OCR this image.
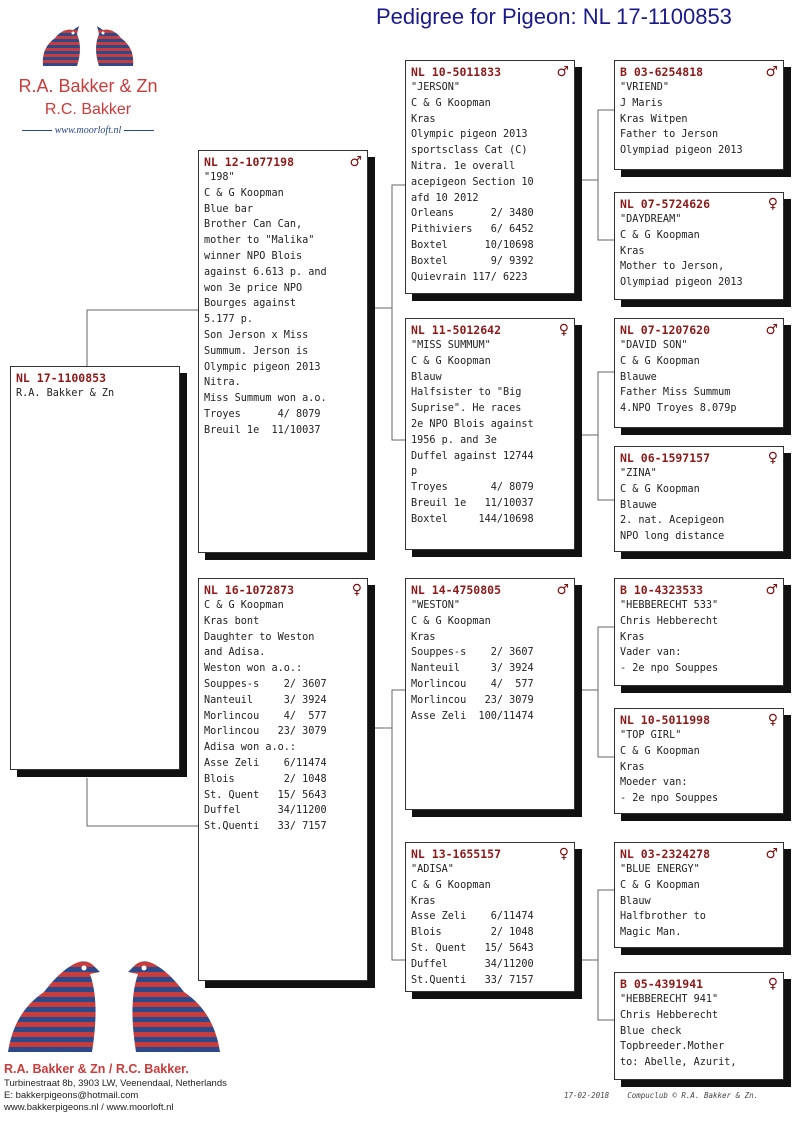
Pedigree for Pigeon: NL 17-1100853
R.A. Bakker & Zn
R.C. Bakker
www.moorloft.nl
NL 17-1100853
R.A. Bakker & Zn
NL 12-1077198	♂
"198"
C & G Koopman
Blue bar
Brother Can Can,
mother to "Malika"
winner NPO Blois
against 6.613 p. and
won 3e price NPO
Bourges against
5.177 p.
Son Jerson x Miss
Summum. Jerson is
Olympic pigeon 2013
Nitra.
Miss Summum won a.o.
Troyes      4/ 8079
Breuil 1e  11/10037
NL 16-1072873	♀
C & G Koopman
Kras bont
Daughter to Weston
and Adisa.
Weston won a.o.:
Souppes-s    2/ 3607
Nanteuil     3/ 3924
Morlincou    4/  577
Morlincou   23/ 3079
Adisa won a.o.:
Asse Zeli    6/11474
Blois        2/ 1048
St. Quent   15/ 5643
Duffel      34/11200
St.Quenti   33/ 7157
NL 10-5011833	♂
"JERSON"
C & G Koopman
Kras
Olympic pigeon 2013
sportsclass Cat (C)
Nitra. 1e overall
acepigeon Section 10
afd 10 2012
Orleans      2/ 3480
Pithiviers   6/ 6452
Boxtel      10/10698
Boxtel       9/ 9392
Quievrain 117/ 6223
NL 11-5012642	♀
"MISS SUMMUM"
C & G Koopman
Blauw
Halfsister to "Big
Suprise". He races
2e NPO Blois against
1956 p. and 3e
Duffel against 12744
p
Troyes       4/ 8079
Breuil 1e   11/10037
Boxtel     144/10698
NL 14-4750805	♂
"WESTON"
C & G Koopman
Kras
Souppes-s    2/ 3607
Nanteuil     3/ 3924
Morlincou    4/  577
Morlincou   23/ 3079
Asse Zeli  100/11474
NL 13-1655157	♀
"ADISA"
C & G Koopman
Kras
Asse Zeli    6/11474
Blois        2/ 1048
St. Quent   15/ 5643
Duffel      34/11200
St.Quenti   33/ 7157
B 03-6254818	♂
"VRIEND"
J Maris
Kras Witpen
Father to Jerson
Olympiad pigeon 2013
NL 07-5724626	♀
"DAYDREAM"
C & G Koopman
Kras
Mother to Jerson,
Olympiad pigeon 2013
NL 07-1207620	♂
"DAVID SON"
C & G Koopman
Blauwe
Father Miss Summum
4.NPO Troyes 8.079p
NL 06-1597157	♀
"ZINA"
C & G Koopman
Blauwe
2. nat. Acepigeon
NPO long distance
B 10-4323533	♂
"HEBBERECHT 533"
Chris Hebberecht
Kras
Vader van:
- 2e npo Souppes
NL 10-5011998	♀
"TOP GIRL"
C & G Koopman
Kras
Moeder van:
- 2e npo Souppes
NL 03-2324278	♂
"BLUE ENERGY"
C & G Koopman
Blauw
Halfbrother to
Magic Man.
B 05-4391941	♀
"HEBBERECHT 941"
Chris Hebberecht
Blue check
Topbreeder.Mother
to: Abelle, Azurit,
R.A. Bakker & Zn / R.C. Bakker.
Turbinestraat 8b, 3903 LW, Veenendaal, Netherlands
E: bakkerpigeons@hotmail.com
www.bakkerpigeons.nl / www.moorloft.nl
17-02-2018 Compuclub © R.A. Bakker & Zn.
